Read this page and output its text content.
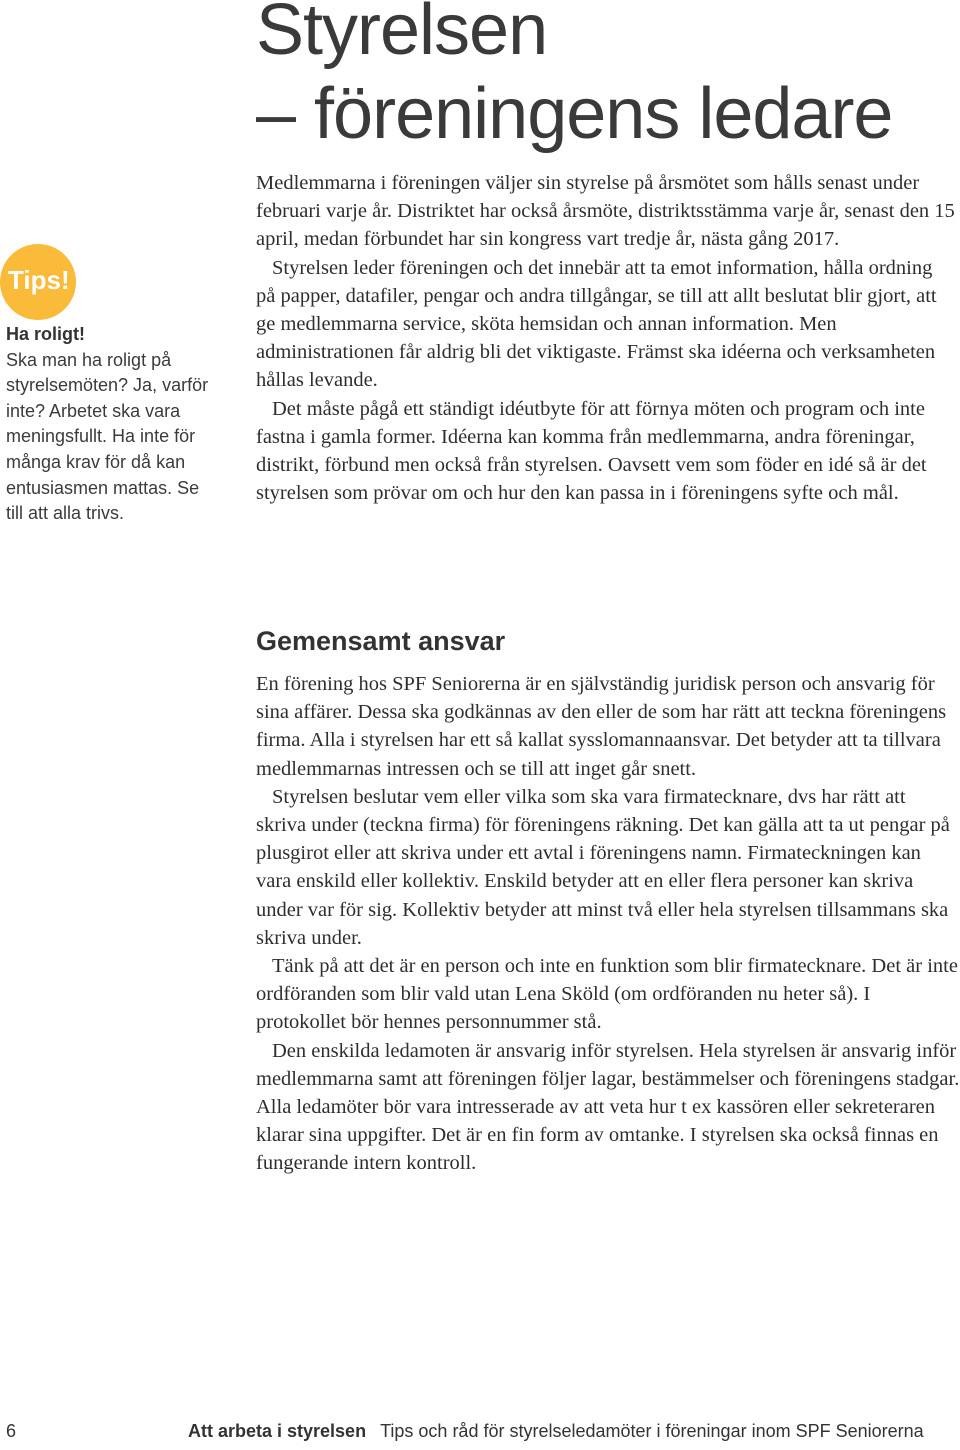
Styrelsen
– föreningens ledare

Medlemmarna i föreningen väljer sin styrelse på årsmötet som hålls senast under februari varje år. Distriktet har också årsmöte, distriktsstämma varje år, senast den 15 april, medan förbundet har sin kongress vart tredje år, nästa gång 2017.

Styrelsen leder föreningen och det innebär att ta emot information, hålla ordning på papper, datafiler, pengar och andra tillgångar, se till att allt beslutat blir gjort, att ge medlemmarna service, sköta hemsidan och annan information. Men administrationen får aldrig bli det viktigaste. Främst ska idéerna och verksamheten hållas levande.

Det måste pågå ett ständigt idéutbyte för att förnya möten och program och inte fastna i gamla former. Idéerna kan komma från medlemmarna, andra föreningar, distrikt, förbund men också från styrelsen. Oavsett vem som föder en idé så är det styrelsen som prövar om och hur den kan passa in i föreningens syfte och mål.

Tips!
Ha roligt!
Ska man ha roligt på styrelsemöten? Ja, varför inte? Arbetet ska vara meningsfullt. Ha inte för många krav för då kan entusiasmen mattas. Se till att alla trivs.
Gemensamt ansvar

En förening hos SPF Seniorerna är en självständig juridisk person och ansvarig för sina affärer. Dessa ska godkännas av den eller de som har rätt att teckna föreningens firma. Alla i styrelsen har ett så kallat sysslomannaansvar. Det betyder att ta tillvara medlemmarnas intressen och se till att inget går snett.

Styrelsen beslutar vem eller vilka som ska vara firmatecknare, dvs har rätt att skriva under (teckna firma) för föreningens räkning. Det kan gälla att ta ut pengar på plusgirot eller att skriva under ett avtal i föreningens namn. Firmateckningen kan vara enskild eller kollektiv. Enskild betyder att en eller flera personer kan skriva under var för sig. Kollektiv betyder att minst två eller hela styrelsen tillsammans ska skriva under.

Tänk på att det är en person och inte en funktion som blir firmatecknare. Det är inte ordföranden som blir vald utan Lena Sköld (om ordföranden nu heter så). I protokollet bör hennes personnummer stå.

Den enskilda ledamoten är ansvarig inför styrelsen. Hela styrelsen är ansvarig inför medlemmarna samt att föreningen följer lagar, bestämmelser och föreningens stadgar. Alla ledamöter bör vara intresserade av att veta hur t ex kassören eller sekreteraren klarar sina uppgifter. Det är en fin form av omtanke. I styrelsen ska också finnas en fungerande intern kontroll.

6	Att arbeta i styrelsen Tips och råd för styrelseledamöter i föreningar inom SPF Seniorerna
